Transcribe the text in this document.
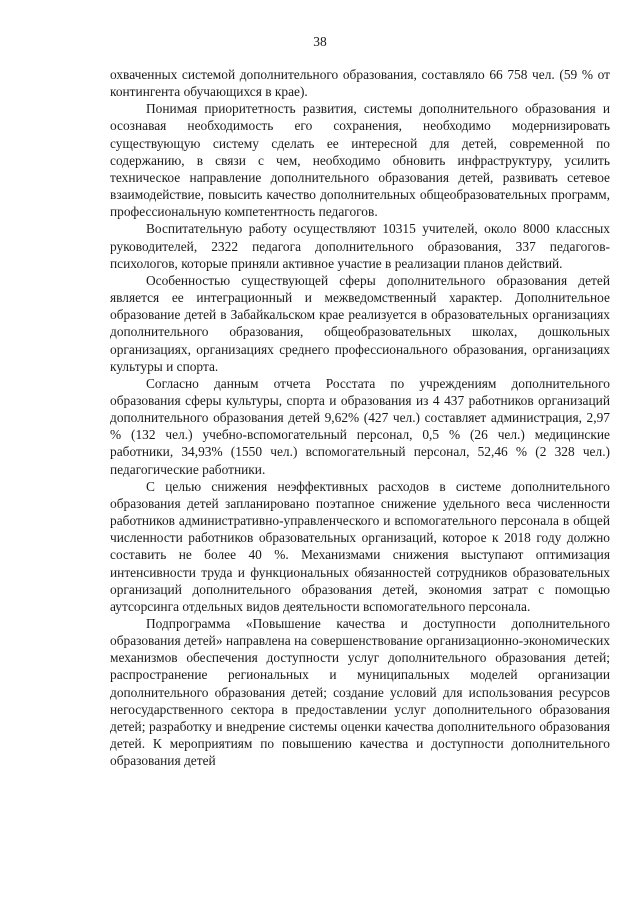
38

охваченных системой дополнительного образования, составляло 66 758 чел. (59 % от контингента обучающихся в крае).

Понимая приоритетность развития, системы дополнительного образования и осознавая необходимость его сохранения, необходимо модернизировать существующую систему сделать ее интересной для детей, современной по содержанию, в связи с чем, необходимо обновить инфраструктуру, усилить техническое направление дополнительного образования детей, развивать сетевое взаимодействие, повысить качество дополнительных общеобразовательных программ, профессиональную компетентность педагогов.

Воспитательную работу осуществляют 10315 учителей, около 8000 классных руководителей, 2322 педагога дополнительного образования, 337 педагогов-психологов, которые приняли активное участие в реализации планов действий.

Особенностью существующей сферы дополнительного образования детей является ее интеграционный и межведомственный характер. Дополнительное образование детей в Забайкальском крае реализуется в образовательных организациях дополнительного образования, общеобразовательных школах, дошкольных организациях, организациях среднего профессионального образования, организациях культуры и спорта.

Согласно данным отчета Росстата по учреждениям дополнительного образования сферы культуры, спорта и образования из 4 437 работников организаций дополнительного образования детей 9,62% (427 чел.) составляет администрация, 2,97 % (132 чел.) учебно-вспомогательный персонал, 0,5 % (26 чел.) медицинские работники, 34,93% (1550 чел.) вспомогательный персонал, 52,46 % (2 328 чел.) педагогические работники.

С целью снижения неэффективных расходов в системе дополнительного образования детей запланировано поэтапное снижение удельного веса численности работников административно-управленческого и вспомогательного персонала в общей численности работников образовательных организаций, которое к 2018 году должно составить не более 40 %. Механизмами снижения выступают оптимизация интенсивности труда и функциональных обязанностей сотрудников образовательных организаций дополнительного образования детей, экономия затрат с помощью аутсорсинга отдельных видов деятельности вспомогательного персонала.

Подпрограмма «Повышение качества и доступности дополнительного образования детей» направлена на совершенствование организационно-экономических механизмов обеспечения доступности услуг дополнительного образования детей; распространение региональных и муниципальных моделей организации дополнительного образования детей; создание условий для использования ресурсов негосударственного сектора в предоставлении услуг дополнительного образования детей; разработку и внедрение системы оценки качества дополнительного образования детей. К мероприятиям по повышению качества и доступности дополнительного образования детей
